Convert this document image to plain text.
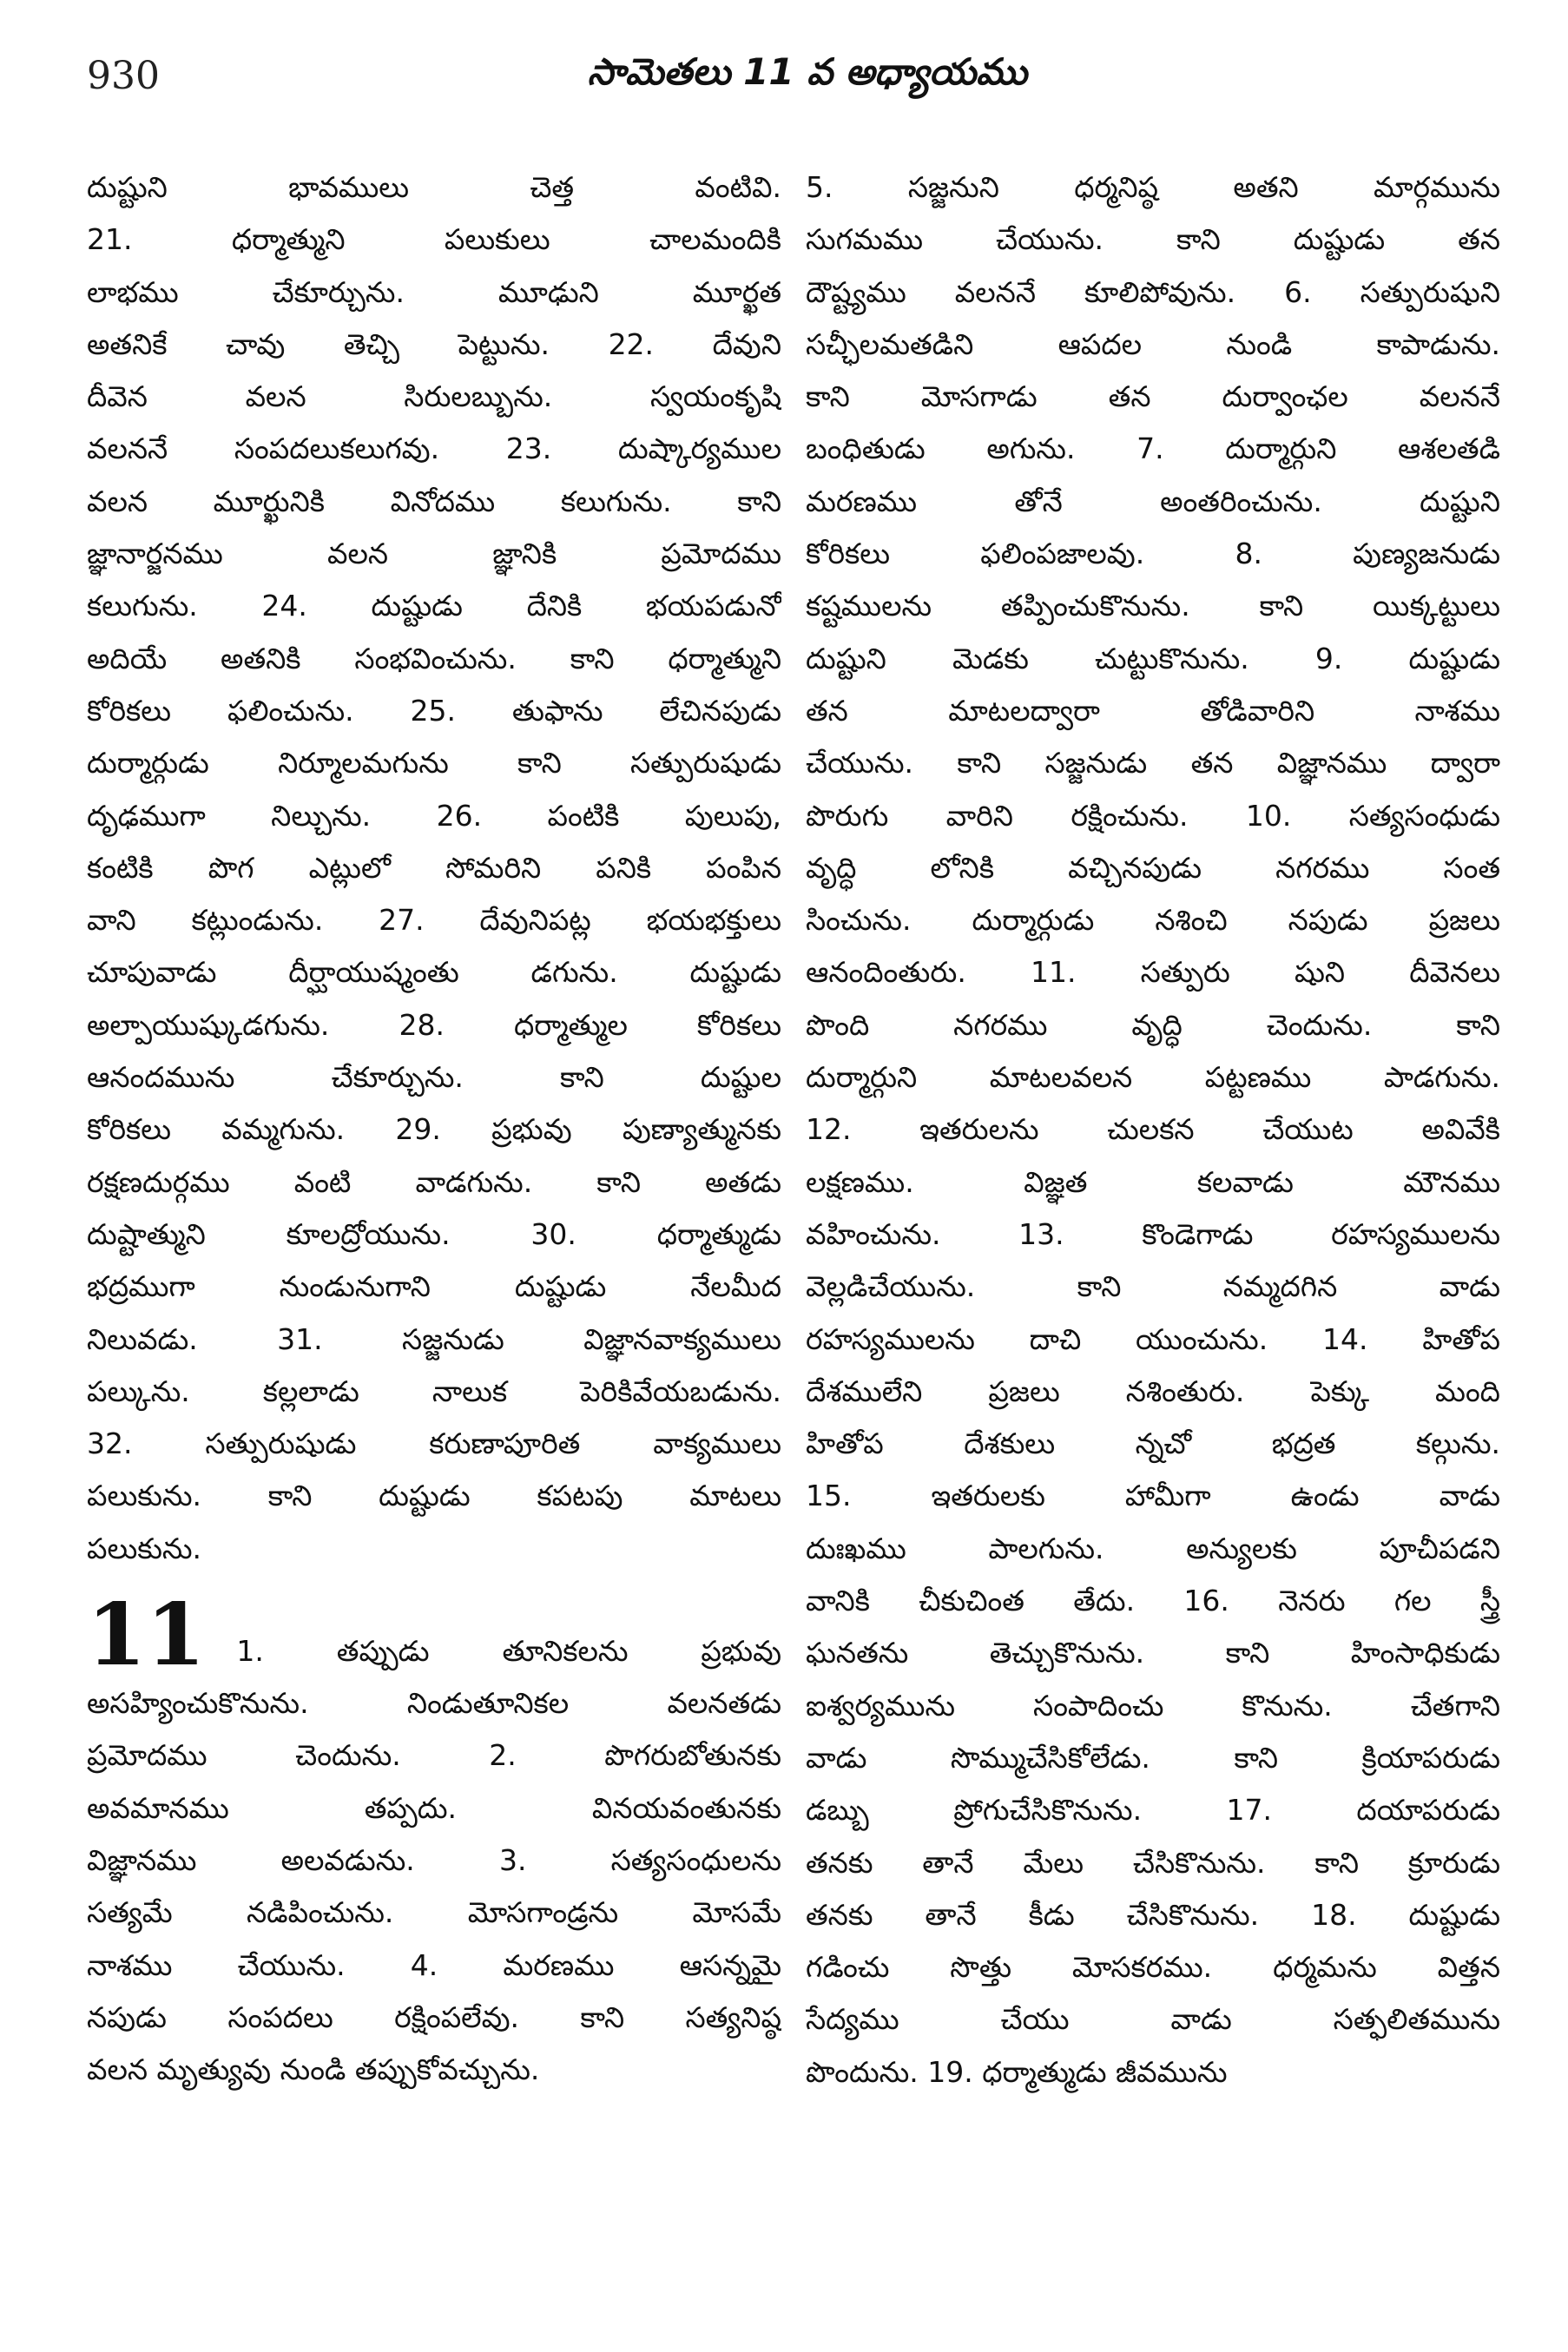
930	సామెతలు 11 వ అధ్యాయము
దుష్టుని భావములు చెత్త వంటివి.
21. ధర్మాత్ముని పలుకులు చాలమందికి
లాభము చేకూర్చును. మూఢుని మూర్ఖత
అతనికే చావు తెచ్చి పెట్టును. 22. దేవుని
దీవెన వలన సిరులబ్బును. స్వయంకృషి
వలననే సంపదలుకలుగవు. 23. దుష్కార్యముల
వలన మూర్ఖునికి వినోదము కలుగును. కాని
జ్ఞానార్జనము వలన జ్ఞానికి ప్రమోదము
కలుగును. 24. దుష్టుడు దేనికి భయపడునో
అదియే అతనికి సంభవించును. కాని ధర్మాత్ముని
కోరికలు ఫలించును. 25. తుఫాను లేచినపుడు
దుర్మార్గుడు నిర్మూలమగును కాని సత్పురుషుడు
దృఢముగా నిల్చును. 26. పంటికి పులుపు,
కంటికి పొగ ఎట్లులో సోమరిని పనికి పంపిన
వాని కట్లుండును. 27. దేవునిపట్ల భయభక్తులు
చూపువాడు దీర్ఘాయుష్మంతు డగును. దుష్టుడు
అల్పాయుష్కుడగును. 28. ధర్మాత్ముల కోరికలు
ఆనందమును చేకూర్చును. కాని దుష్టుల
కోరికలు వమ్మగును. 29. ప్రభువు పుణ్యాత్మునకు
రక్షణదుర్గము వంటి వాడగును. కాని అతడు
దుష్టాత్ముని కూలద్రోయును. 30. ధర్మాత్ముడు
భద్రముగా నుండునుగాని దుష్టుడు నేలమీద
నిలువడు. 31. సజ్జనుడు విజ్ఞానవాక్యములు
పల్కును. కల్లలాడు నాలుక పెరికివేయబడును.
32. సత్పురుషుడు కరుణాపూరిత వాక్యములు
పలుకును. కాని దుష్టుడు కపటపు మాటలు
పలుకును.
11	1. తప్పుడు తూనికలను ప్రభువు
అసహ్యించుకొనును. నిండుతూనికల వలనతడు
ప్రమోదము చెందును. 2. పొగరుబోతునకు
అవమానము తప్పదు. వినయవంతునకు
విజ్ఞానము అలవడును. 3. సత్యసంధులను
సత్యమే నడిపించును. మోసగాండ్రను మోసమే
నాశము చేయును. 4. మరణము ఆసన్నమై
నపుడు సంపదలు రక్షింపలేవు. కాని సత్యనిష్ఠ
వలన మృత్యువు నుండి తప్పుకోవచ్చును.
5. సజ్జనుని ధర్మనిష్ఠ అతని మార్గమును
సుగమము చేయును. కాని దుష్టుడు తన
దౌష్ట్యము వలననే కూలిపోవును. 6. సత్పురుషుని
సచ్ఛీలమతడిని ఆపదల నుండి కాపాడును.
కాని మోసగాడు తన దుర్వాంఛల వలననే
బంధితుడు అగును. 7. దుర్మార్గుని ఆశలతడి
మరణము తోనే అంతరించును. దుష్టుని
కోరికలు ఫలింపజాలవు. 8. పుణ్యజనుడు
కష్టములను తప్పించుకొనును. కాని యిక్కట్టులు
దుష్టుని మెడకు చుట్టుకొనును. 9. దుష్టుడు
తన మాటలద్వారా తోడివారిని నాశము
చేయును. కాని సజ్జనుడు తన విజ్ఞానము ద్వారా
పొరుగు వారిని రక్షించును. 10. సత్యసంధుడు
వృద్ధి లోనికి వచ్చినపుడు నగరము సంత
సించును. దుర్మార్గుడు నశించి నపుడు ప్రజలు
ఆనందింతురు. 11. సత్పురు షుని దీవెనలు
పొంది నగరము వృద్ధి చెందును. కాని
దుర్మార్గుని మాటలవలన పట్టణము పాడగును.
12. ఇతరులను చులకన చేయుట అవివేకి
లక్షణము. విజ్ఞత కలవాడు మౌనము
వహించును. 13. కొండెగాడు రహస్యములను
వెల్లడిచేయును. కాని నమ్మదగిన వాడు
రహస్యములను దాచి యుంచును. 14. హితోప
దేశములేని ప్రజలు నశింతురు. పెక్కు మంది
హితోప దేశకులు న్నచో భద్రత కల్గును.
15. ఇతరులకు హామీగా ఉండు వాడు
దుఃఖము పాలగును. అన్యులకు పూచీపడని
వానికి చీకుచింత తేదు. 16. నెనరు గల స్త్రీ
ఘనతను తెచ్చుకొనును. కాని హింసాధికుడు
ఐశ్వర్యమును సంపాదించు కొనును. చేతగాని
వాడు సొమ్ముచేసికోలేడు. కాని క్రియాపరుడు
డబ్బు ప్రోగుచేసికొనును. 17. దయాపరుడు
తనకు తానే మేలు చేసికొనును. కాని క్రూరుడు
తనకు తానే కీడు చేసికొనును. 18. దుష్టుడు
గడించు సొత్తు మోసకరము. ధర్మమను విత్తన
సేద్యము చేయు వాడు సత్ఫలితమును
పొందును. 19. ధర్మాత్ముడు జీవమును
